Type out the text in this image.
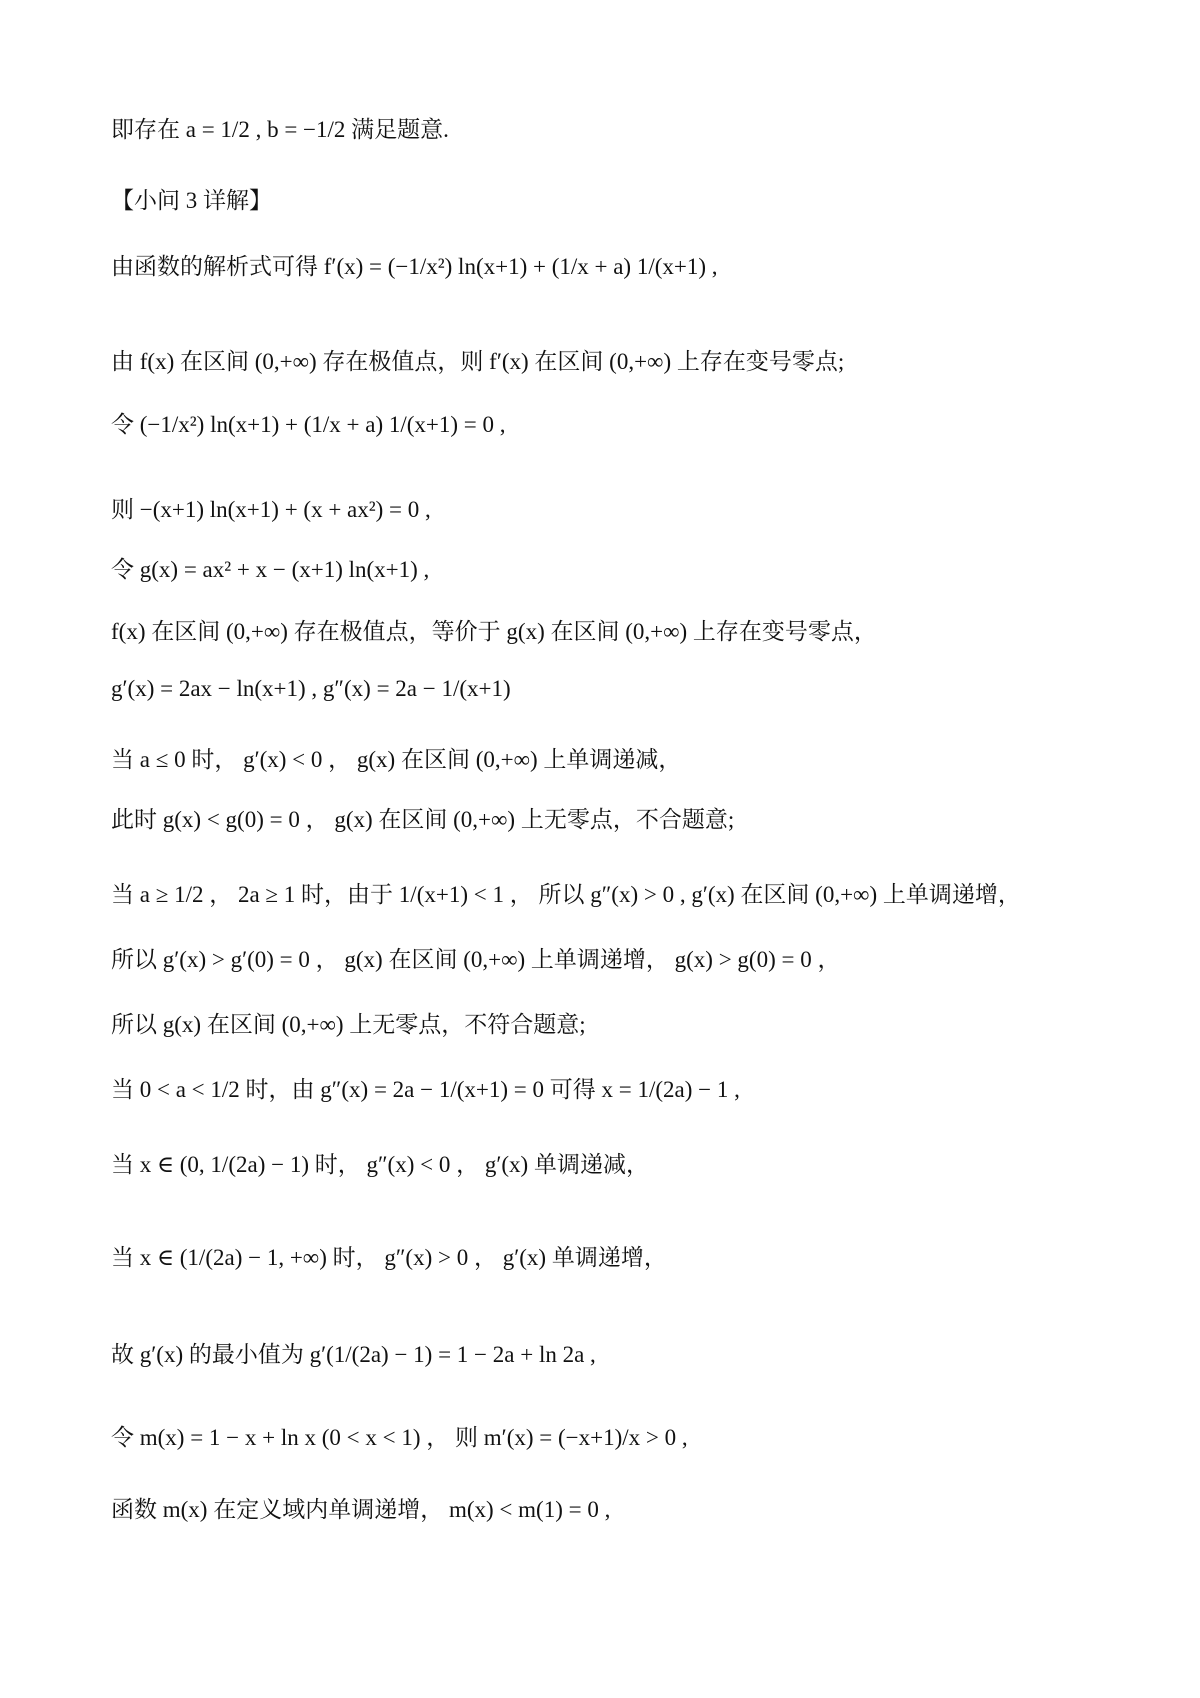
即存在 a = 1/2 , b = −1/2 满足题意.
【小问 3 详解】
由函数的解析式可得 f′(x) = (−1/x²) ln(x+1) + (1/x + a) 1/(x+1) ,
由 f(x) 在区间 (0,+∞) 存在极值点，则 f′(x) 在区间 (0,+∞) 上存在变号零点;
令 (−1/x²) ln(x+1) + (1/x + a) 1/(x+1) = 0 ,
则 −(x+1) ln(x+1) + (x + ax²) = 0 ,
令 g(x) = ax² + x − (x+1) ln(x+1) ,
f(x) 在区间 (0,+∞) 存在极值点，等价于 g(x) 在区间 (0,+∞) 上存在变号零点，
g′(x) = 2ax − ln(x+1) , g″(x) = 2a − 1/(x+1)
当 a ≤ 0 时， g′(x) < 0 ， g(x) 在区间 (0,+∞) 上单调递减，
此时 g(x) < g(0) = 0 ， g(x) 在区间 (0,+∞) 上无零点，不合题意;
当 a ≥ 1/2 ， 2a ≥ 1 时，由于 1/(x+1) < 1 ， 所以 g″(x) > 0 , g′(x) 在区间 (0,+∞) 上单调递增，
所以 g′(x) > g′(0) = 0 ， g(x) 在区间 (0,+∞) 上单调递增， g(x) > g(0) = 0 ，
所以 g(x) 在区间 (0,+∞) 上无零点，不符合题意;
当 0 < a < 1/2 时，由 g″(x) = 2a − 1/(x+1) = 0 可得 x = 1/(2a) − 1 ,
当 x ∈ (0, 1/(2a) − 1) 时， g″(x) < 0 ， g′(x) 单调递减，
当 x ∈ (1/(2a) − 1, +∞) 时， g″(x) > 0 ， g′(x) 单调递增，
故 g′(x) 的最小值为 g′(1/(2a) − 1) = 1 − 2a + ln 2a ,
令 m(x) = 1 − x + ln x (0 < x < 1) ， 则 m′(x) = (−x+1)/x > 0 ,
函数 m(x) 在定义域内单调递增， m(x) < m(1) = 0 ,
